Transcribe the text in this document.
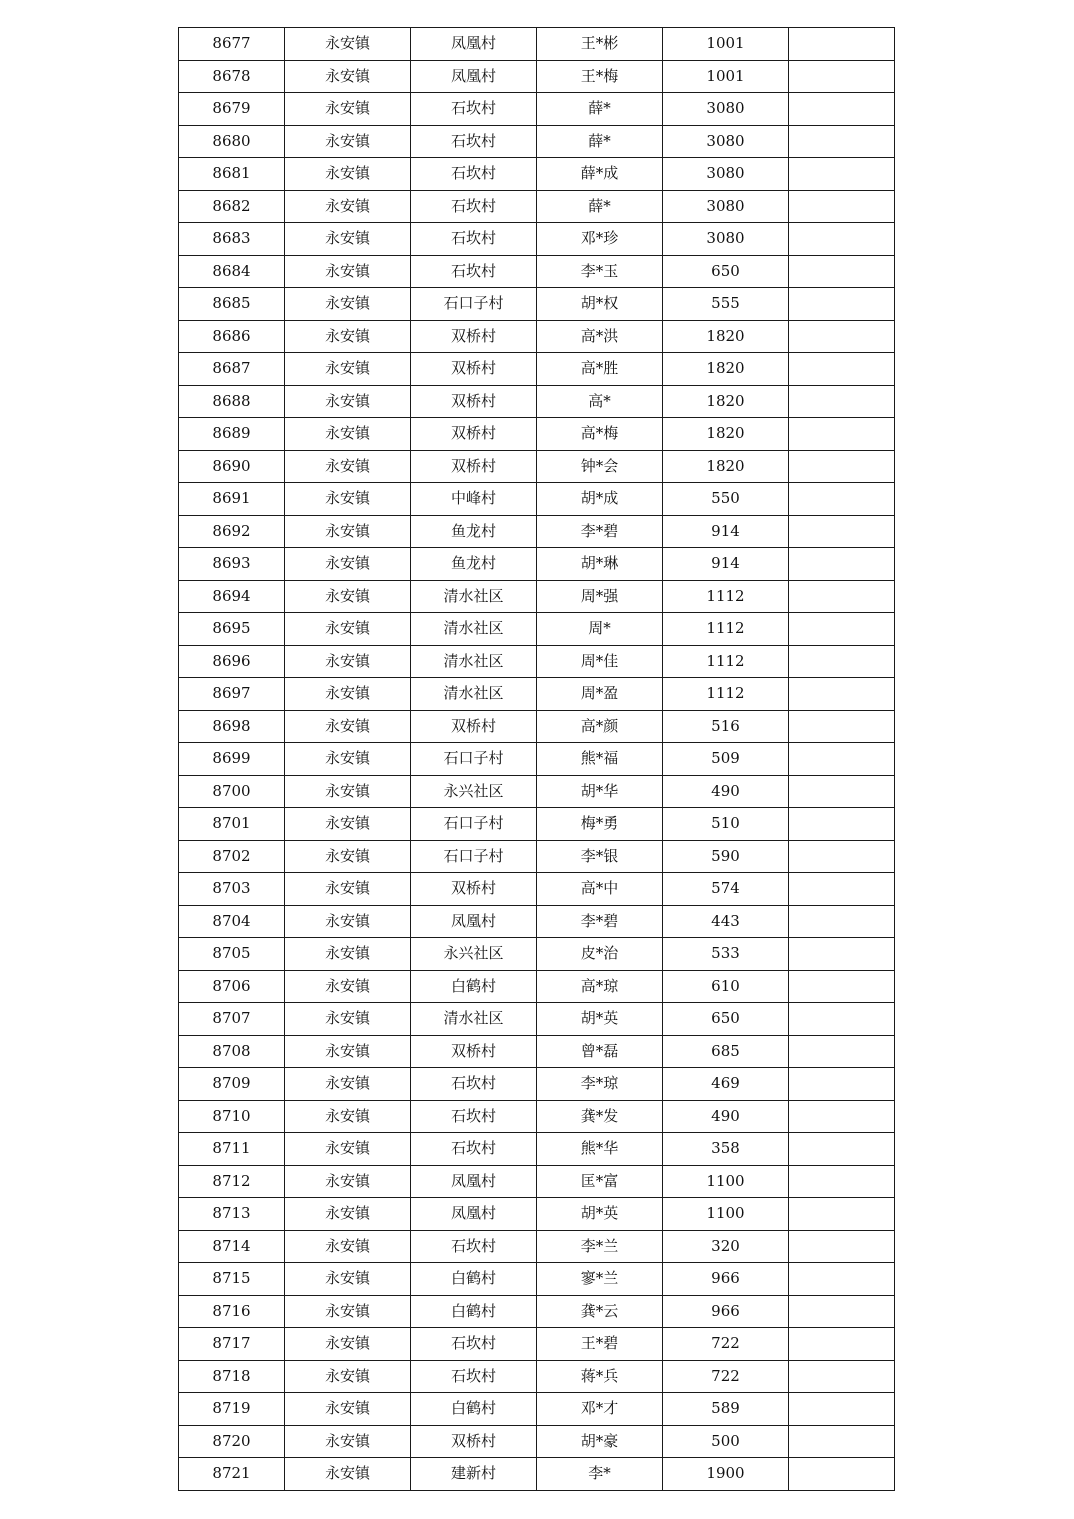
8677	永安镇	凤凰村	王*彬	1001	
8678	永安镇	凤凰村	王*梅	1001	
8679	永安镇	石坎村	薛*	3080	
8680	永安镇	石坎村	薛*	3080	
8681	永安镇	石坎村	薛*成	3080	
8682	永安镇	石坎村	薛*	3080	
8683	永安镇	石坎村	邓*珍	3080	
8684	永安镇	石坎村	李*玉	650	
8685	永安镇	石口子村	胡*权	555	
8686	永安镇	双桥村	高*洪	1820	
8687	永安镇	双桥村	高*胜	1820	
8688	永安镇	双桥村	高*	1820	
8689	永安镇	双桥村	高*梅	1820	
8690	永安镇	双桥村	钟*会	1820	
8691	永安镇	中峰村	胡*成	550	
8692	永安镇	鱼龙村	李*碧	914	
8693	永安镇	鱼龙村	胡*琳	914	
8694	永安镇	清水社区	周*强	1112	
8695	永安镇	清水社区	周*	1112	
8696	永安镇	清水社区	周*佳	1112	
8697	永安镇	清水社区	周*盈	1112	
8698	永安镇	双桥村	高*颜	516	
8699	永安镇	石口子村	熊*福	509	
8700	永安镇	永兴社区	胡*华	490	
8701	永安镇	石口子村	梅*勇	510	
8702	永安镇	石口子村	李*银	590	
8703	永安镇	双桥村	高*中	574	
8704	永安镇	凤凰村	李*碧	443	
8705	永安镇	永兴社区	皮*治	533	
8706	永安镇	白鹤村	高*琼	610	
8707	永安镇	清水社区	胡*英	650	
8708	永安镇	双桥村	曾*磊	685	
8709	永安镇	石坎村	李*琼	469	
8710	永安镇	石坎村	龚*发	490	
8711	永安镇	石坎村	熊*华	358	
8712	永安镇	凤凰村	匡*富	1100	
8713	永安镇	凤凰村	胡*英	1100	
8714	永安镇	石坎村	李*兰	320	
8715	永安镇	白鹤村	寥*兰	966	
8716	永安镇	白鹤村	龚*云	966	
8717	永安镇	石坎村	王*碧	722	
8718	永安镇	石坎村	蒋*兵	722	
8719	永安镇	白鹤村	邓*才	589	
8720	永安镇	双桥村	胡*豪	500	
8721	永安镇	建新村	李*	1900	
